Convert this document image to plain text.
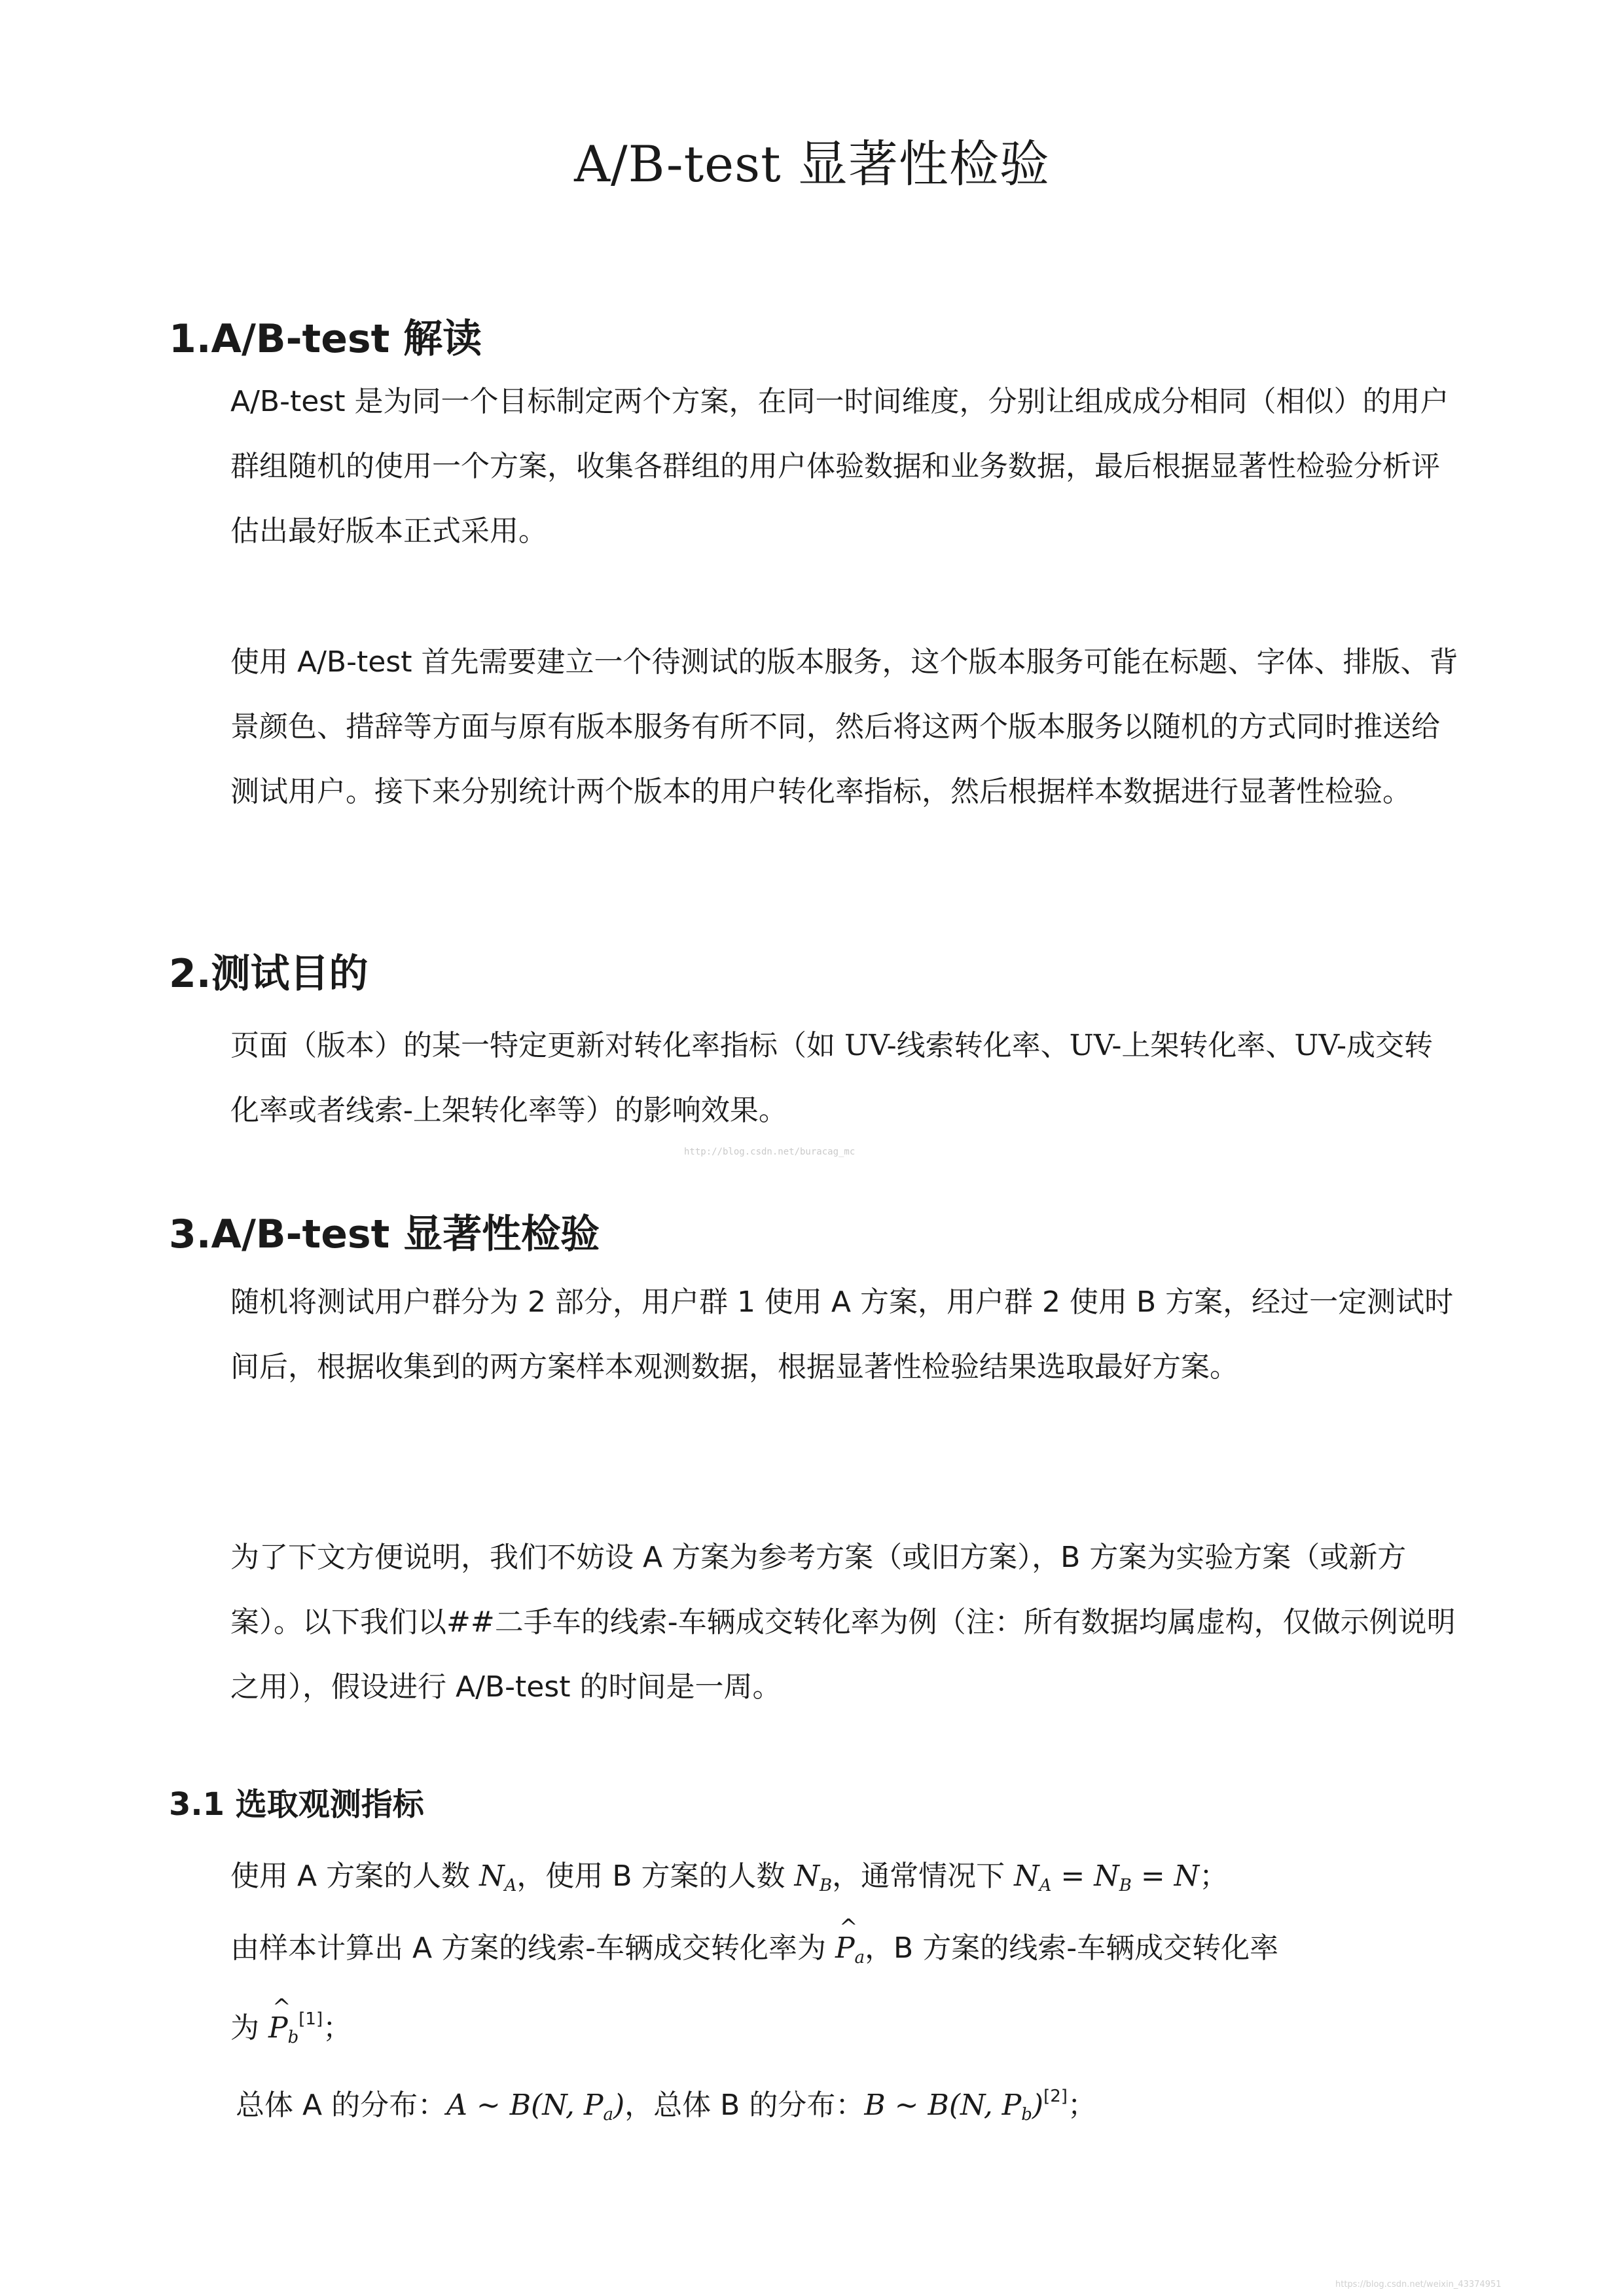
A/B-test 显著性检验
1.A/B-test 解读

A/B-test 是为同一个目标制定两个方案，在同一时间维度，分别让组成成分相同（相似）的用户群组随机的使用一个方案，收集各群组的用户体验数据和业务数据，最后根据显著性检验分析评估出最好版本正式采用。

使用 A/B-test 首先需要建立一个待测试的版本服务，这个版本服务可能在标题、字体、排版、背景颜色、措辞等方面与原有版本服务有所不同，然后将这两个版本服务以随机的方式同时推送给测试用户。接下来分别统计两个版本的用户转化率指标，然后根据样本数据进行显著性检验。

2.测试目的

页面（版本）的某一特定更新对转化率指标（如 UV-线索转化率、UV-上架转化率、UV-成交转化率或者线索-上架转化率等）的影响效果。

http://blog.csdn.net/buracag_mc
3.A/B-test 显著性检验

随机将测试用户群分为 2 部分，用户群 1 使用 A 方案，用户群 2 使用 B 方案，经过一定测试时间后，根据收集到的两方案样本观测数据，根据显著性检验结果选取最好方案。

为了下文方便说明，我们不妨设 A 方案为参考方案（或旧方案），B 方案为实验方案（或新方案）。以下我们以##二手车的线索-车辆成交转化率为例（注：所有数据均属虚构，仅做示例说明之用），假设进行 A/B-test 的时间是一周。

3.1 选取观测指标
使用 A 方案的人数 $N_A$，使用 B 方案的人数 $N_B$，通常情况下 $N_A = N_B = N$；
由样本计算出 A 方案的线索-车辆成交转化率为 ^ $P_a$，B 方案的线索-车辆成交转化率
为 ^ $P_b[1]$；
总体 A 的分布：A ~ B(N, $P_a$)，总体 B 的分布：B ~ B(N, $P_b)[2]$；
https://blog.csdn.net/weixin_43374951
